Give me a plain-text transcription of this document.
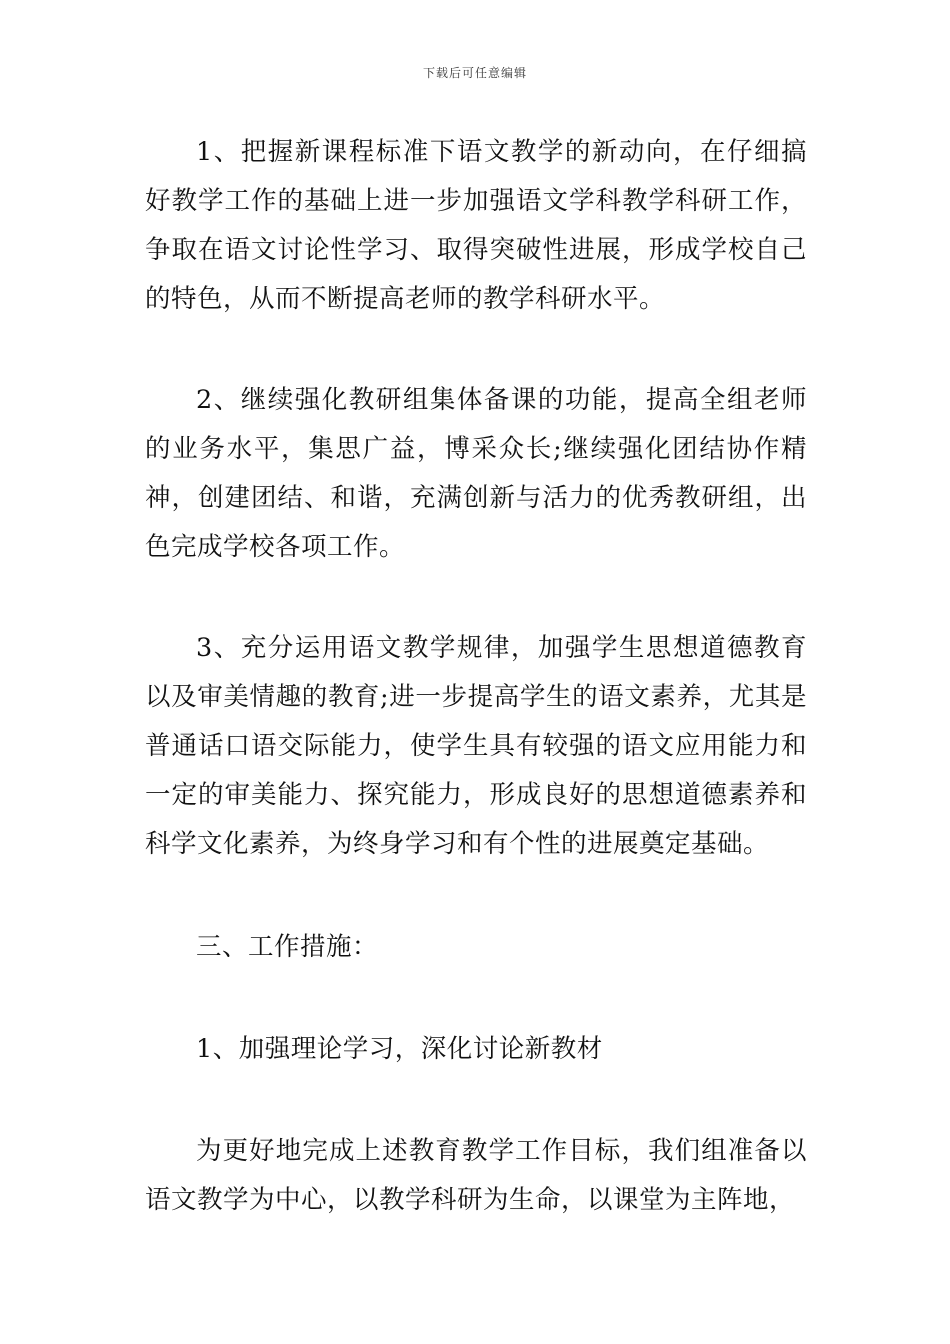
下载后可任意编辑

1、把握新课程标准下语文教学的新动向，在仔细搞好教学工作的基础上进一步加强语文学科教学科研工作，争取在语文讨论性学习、取得突破性进展，形成学校自己的特色，从而不断提高老师的教学科研水平。

2、继续强化教研组集体备课的功能，提高全组老师的业务水平，集思广益，博采众长;继续强化团结协作精神，创建团结、和谐，充满创新与活力的优秀教研组，出色完成学校各项工作。

3、充分运用语文教学规律，加强学生思想道德教育以及审美情趣的教育;进一步提高学生的语文素养，尤其是普通话口语交际能力，使学生具有较强的语文应用能力和一定的审美能力、探究能力，形成良好的思想道德素养和科学文化素养，为终身学习和有个性的进展奠定基础。

三、工作措施：

1、加强理论学习，深化讨论新教材

为更好地完成上述教育教学工作目标，我们组准备以语文教学为中心，以教学科研为生命，以课堂为主阵地，
